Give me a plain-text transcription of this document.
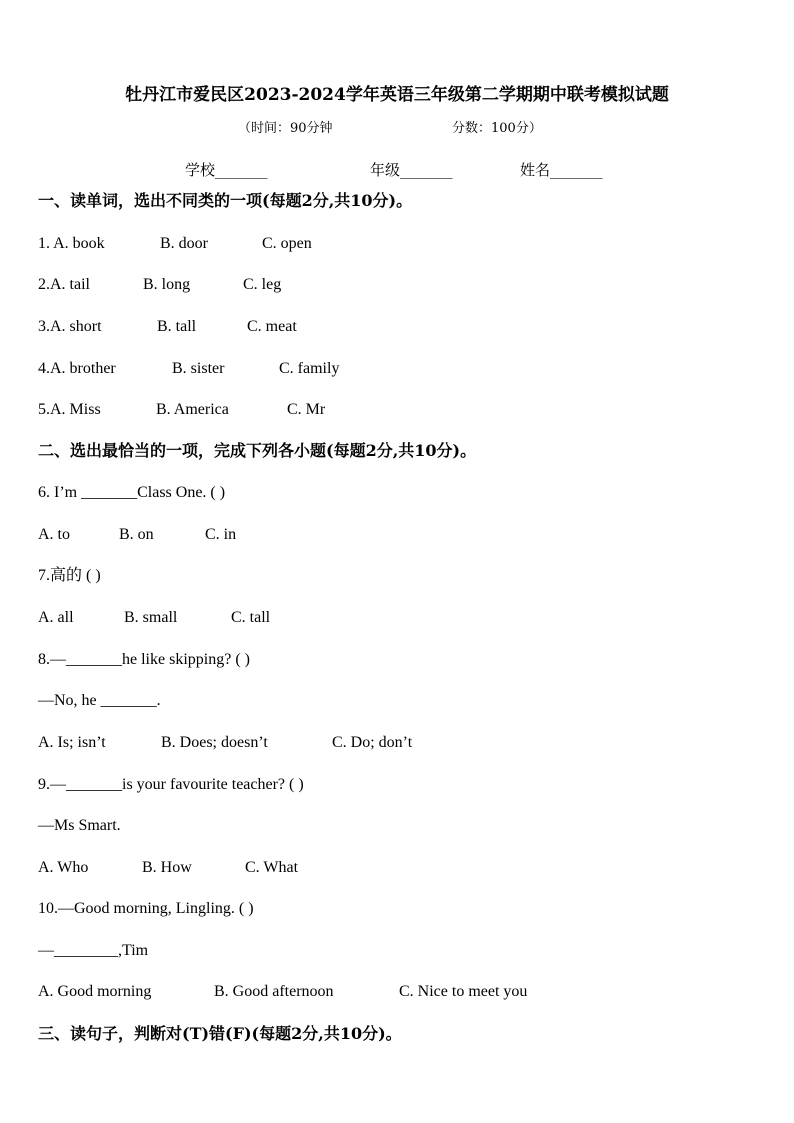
牡丹江市爱民区2023-2024学年英语三年级第二学期期中联考模拟试题
（时间：90分钟	分数：100分）
学校_______	年级_______	姓名_______
一、读单词，选出不同类的一项(每题2分,共10分)。
1. A. book	B. door	C. open
2.A. tail	B. long	C. leg
3.A. short	B. tall	C. meat
4.A. brother	B. sister	C. family
5.A. Miss	B. America	C. Mr
二、选出最恰当的一项，完成下列各小题(每题2分,共10分)。
6. I’m _______Class One. ( )
A. to	B. on	C. in
7.高的 ( )
A. all	B. small	C. tall
8.—_______he like skipping? ( )
—No, he _______.
A. Is; isn’t	B. Does; doesn’t	C. Do; don’t
9.—_______is your favourite teacher? ( )
—Ms Smart.
A. Who	B. How	C. What
10.—Good morning, Lingling. ( )
—________,Tim
A. Good morning	B. Good afternoon	C. Nice to meet you
三、读句子，判断对(T)错(F)(每题2分,共10分)。
